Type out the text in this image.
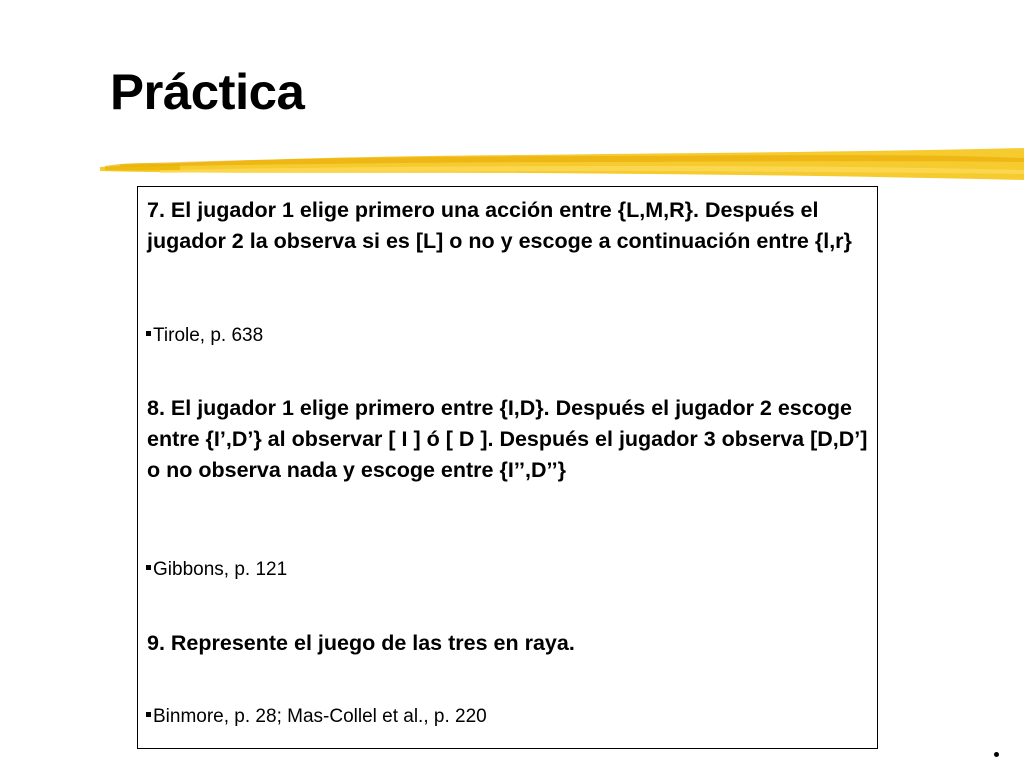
Práctica

7. El jugador 1 elige primero una acción entre {L,M,R}. Después el jugador 2 la observa si es [L] o no y escoge a continuación entre {l,r}

Tirole, p. 638

8. El jugador 1 elige primero entre {I,D}. Después el jugador 2 escoge entre {I’,D’} al observar [ I ] ó [ D ]. Después el jugador 3 observa [D,D’] o no observa nada y escoge entre {I’’,D’’}

Gibbons, p. 121

9. Represente el juego de las tres en raya.

Binmore, p. 28; Mas-Collel et al., p. 220
